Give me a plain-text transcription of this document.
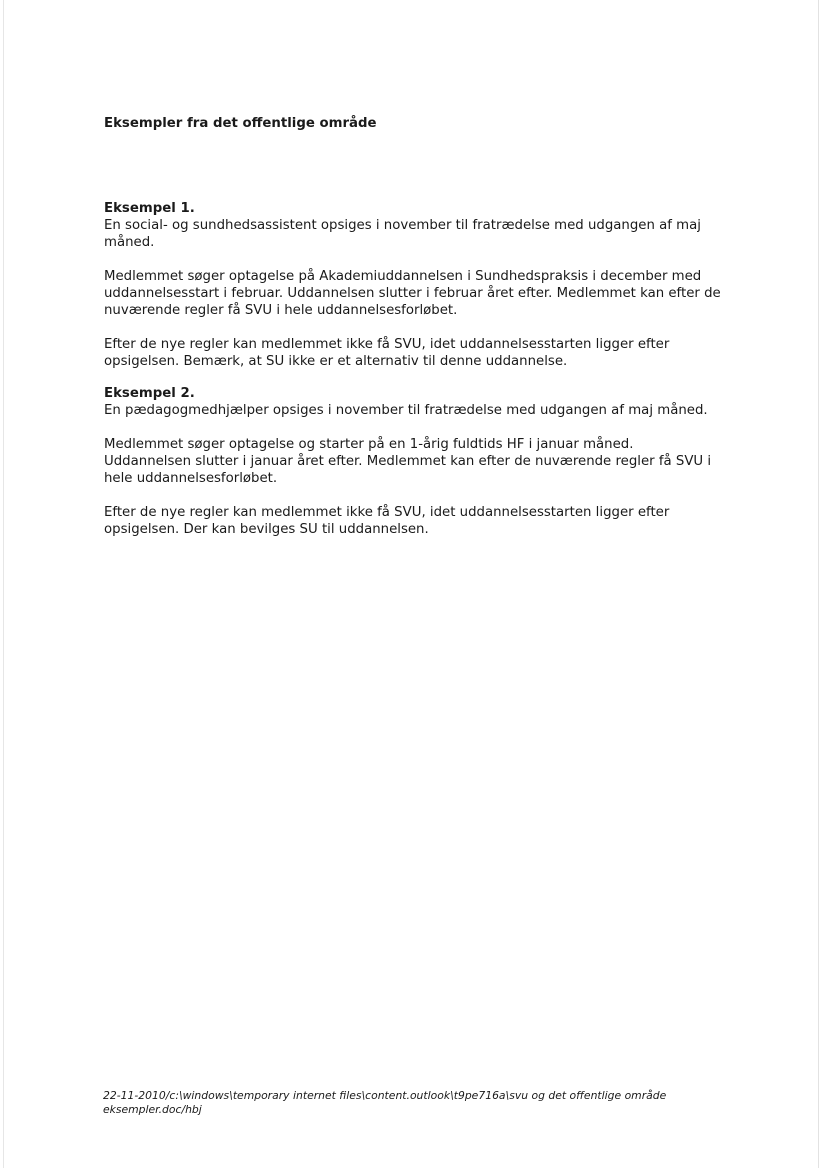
Eksempler fra det offentlige område

Eksempel 1.

En social- og sundhedsassistent opsiges i november til fratrædelse med udgangen af maj
måned.

Medlemmet søger optagelse på Akademiuddannelsen i Sundhedspraksis i december med
uddannelsesstart i februar. Uddannelsen slutter i februar året efter. Medlemmet kan efter de
nuværende regler få SVU i hele uddannelsesforløbet.

Efter de nye regler kan medlemmet ikke få SVU, idet uddannelsesstarten ligger efter
opsigelsen. Bemærk, at SU ikke er et alternativ til denne uddannelse.

Eksempel 2.

En pædagogmedhjælper opsiges i november til fratrædelse med udgangen af maj måned.

Medlemmet søger optagelse og starter på en 1-årig fuldtids HF i januar måned.
Uddannelsen slutter i januar året efter. Medlemmet kan efter de nuværende regler få SVU i
hele uddannelsesforløbet.

Efter de nye regler kan medlemmet ikke få SVU, idet uddannelsesstarten ligger efter
opsigelsen. Der kan bevilges SU til uddannelsen.

22-11-2010/c:\windows\temporary internet files\content.outlook\t9pe716a\svu og det offentlige område
eksempler.doc/hbj
